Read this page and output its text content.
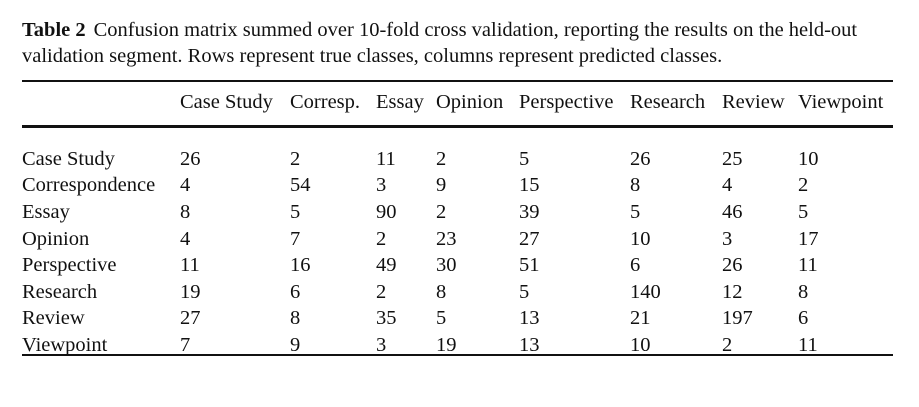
Table 2 Confusion matrix summed over 10-fold cross validation, reporting the results on the held-out validation segment. Rows represent true classes, columns represent predicted classes.
	Case Study	Corresp.	Essay	Opinion	Perspective	Research	Review	Viewpoint

Case Study	26	2	11	2	5	26	25	10
Correspondence	4	54	3	9	15	8	4	2
Essay	8	5	90	2	39	5	46	5
Opinion	4	7	2	23	27	10	3	17
Perspective	11	16	49	30	51	6	26	11
Research	19	6	2	8	5	140	12	8
Review	27	8	35	5	13	21	197	6
Viewpoint	7	9	3	19	13	10	2	11
